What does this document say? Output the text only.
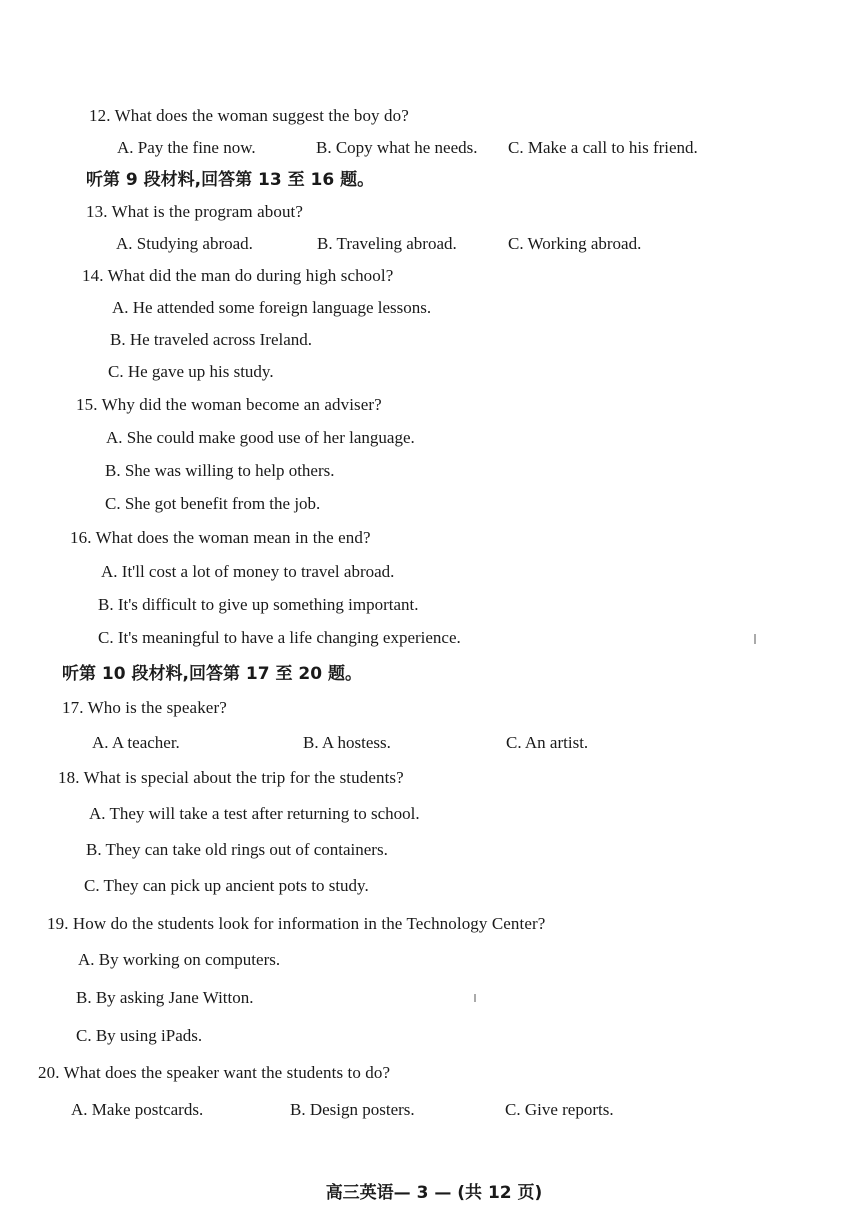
12. What does the woman suggest the boy do?
A. Pay the fine now.	B. Copy what he needs. C. Make a call to his friend.
听第 9 段材料,回答第 13 至 16 题。
13. What is the program about?
A. Studying abroad.	B. Traveling abroad.	C. Working abroad.
14. What did the man do during high school?
A. He attended some foreign language lessons.
B. He traveled across Ireland.
C. He gave up his study.
15. Why did the woman become an adviser?
A. She could make good use of her language.
B. She was willing to help others.
C. She got benefit from the job.
16. What does the woman mean in the end?
A. It'll cost a lot of money to travel abroad.
B. It's difficult to give up something important.
C. It's meaningful to have a life changing experience.
听第 10 段材料,回答第 17 至 20 题。
17. Who is the speaker?
A. A teacher.	B. A hostess.	C. An artist.
18. What is special about the trip for the students?
A. They will take a test after returning to school.
B. They can take old rings out of containers.
C. They can pick up ancient pots to study.
19. How do the students look for information in the Technology Center?
A. By working on computers.
B. By asking Jane Witton.
C. By using iPads.
20. What does the speaker want the students to do?
A. Make postcards.	B. Design posters.	C. Give reports.
高三英语— 3 — (共 12 页)
